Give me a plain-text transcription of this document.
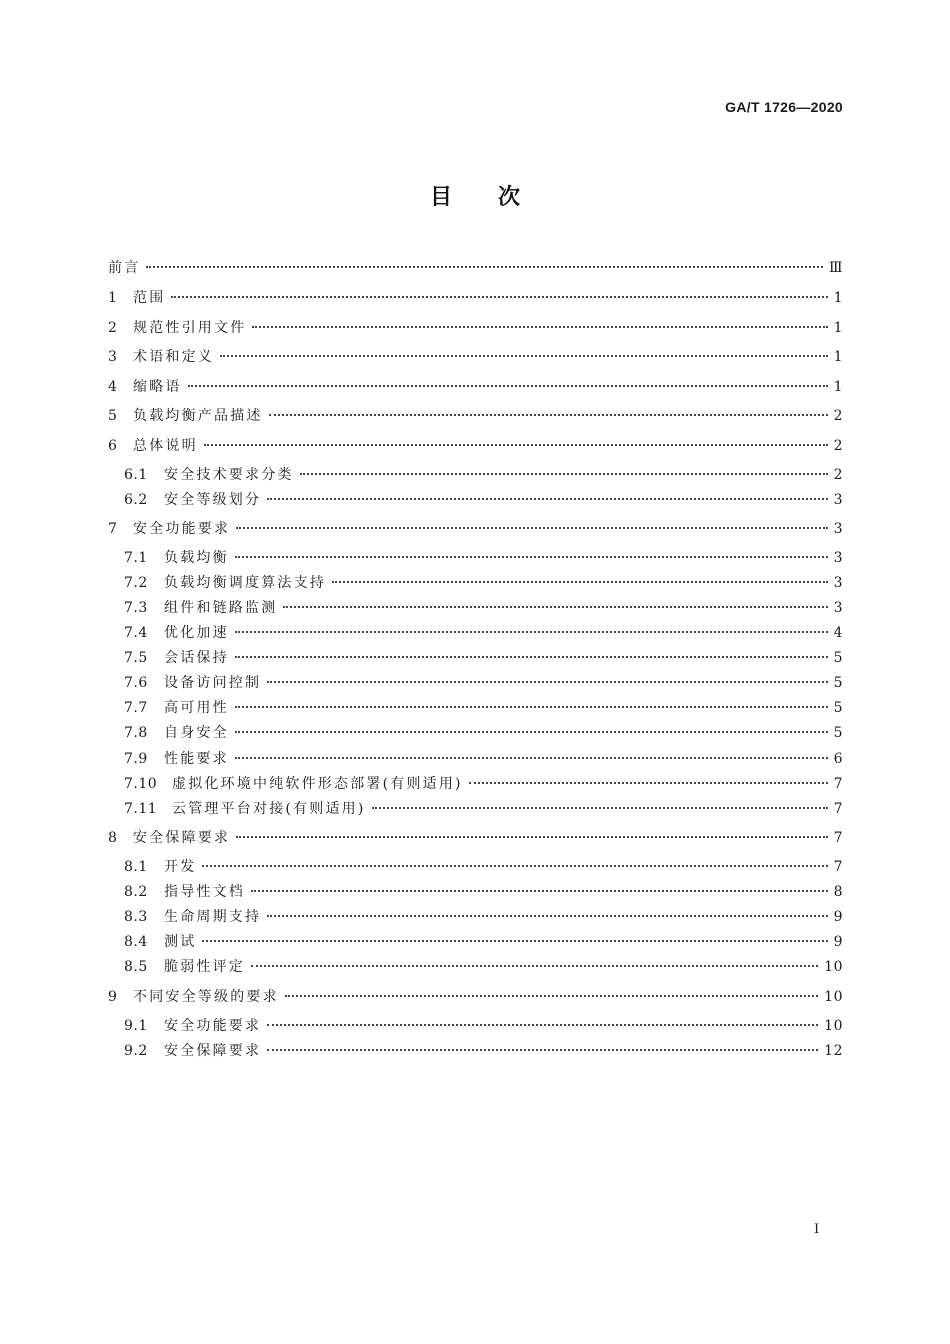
GA/T 1726—2020
目次
前言	Ⅲ
1	范围	1
2	规范性引用文件	1
3	术语和定义	1
4	缩略语	1
5	负载均衡产品描述	2
6	总体说明	2
6.1	安全技术要求分类	2
6.2	安全等级划分	3
7	安全功能要求	3
7.1	负载均衡	3
7.2	负载均衡调度算法支持	3
7.3	组件和链路监测	3
7.4	优化加速	4
7.5	会话保持	5
7.6	设备访问控制	5
7.7	高可用性	5
7.8	自身安全	5
7.9	性能要求	6
7.10	虚拟化环境中纯软件形态部署(有则适用)	7
7.11	云管理平台对接(有则适用)	7
8	安全保障要求	7
8.1	开发	7
8.2	指导性文档	8
8.3	生命周期支持	9
8.4	测试	9
8.5	脆弱性评定	10
9	不同安全等级的要求	10
9.1	安全功能要求	10
9.2	安全保障要求	12
I
